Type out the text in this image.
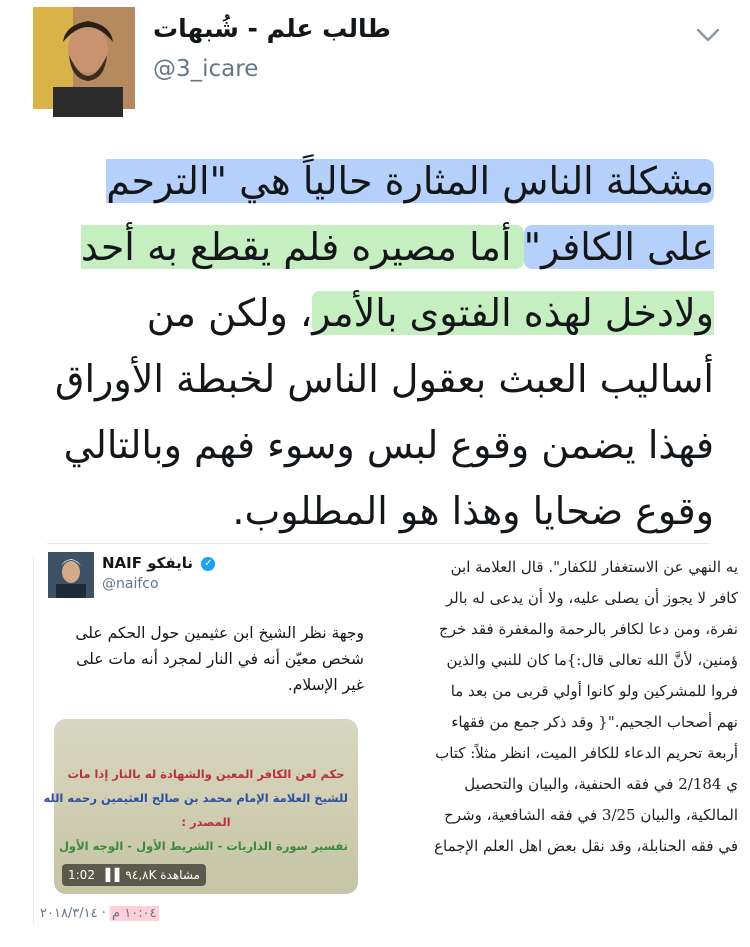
طالب علم - شُبهات
@3_icare
مشكلة الناس المثارة حالياً هي "الترحم على الكافر" أما مصيره فلم يقطع به أحد ولادخل لهذه الفتوى بالأمر، ولكن من أساليب العبث بعقول الناس لخبطة الأوراق فهذا يضمن وقوع لبس وسوء فهم وبالتالي وقوع ضحايا وهذا هو المطلوب.
✓ نايفكو NAIF
@naifco
وجهة نظر الشيخ ابن عثيمين حول الحكم على شخص معيّن أنه في النار لمجرد أنه مات على غير الإسلام.
حكم لعن الكافر المعين والشهادة له بالنار إذا مات
للشيخ العلامة الإمام محمد بن صالح العثيمين رحمه الله
المصدر :
تفسير سورة الذاريات - الشريط الأول - الوجه الأول
1:02 ▐▐ ٩٤,٨K مشاهدة
١٠:٠٤ م · ٢٠١٨/٣/١٤
يه النهي عن الاستغفار للكفار". قال العلامة ابن
كافر لا يجوز أن يصلى عليه، ولا أن يدعى له بالر
نفرة، ومن دعا لكافر بالرحمة والمغفرة فقد خرج
ؤمنين، لأنَّ الله تعالى قال:}ما كان للنبي والذين
فروا للمشركين ولو كانوا أولي قربى من بعد ما
نهم أصحاب الجحيم."{ وقد ذكر جمع من فقهاء
أربعة تحريم الدعاء للكافر الميت، انظر مثلاً: كتاب
ي 2/184 في فقه الحنفية، والبيان والتحصيل
المالكية، والبيان 3/25 في فقه الشافعية، وشرح
في فقه الحنابلة، وقد نقل بعض اهل العلم الإجماع
